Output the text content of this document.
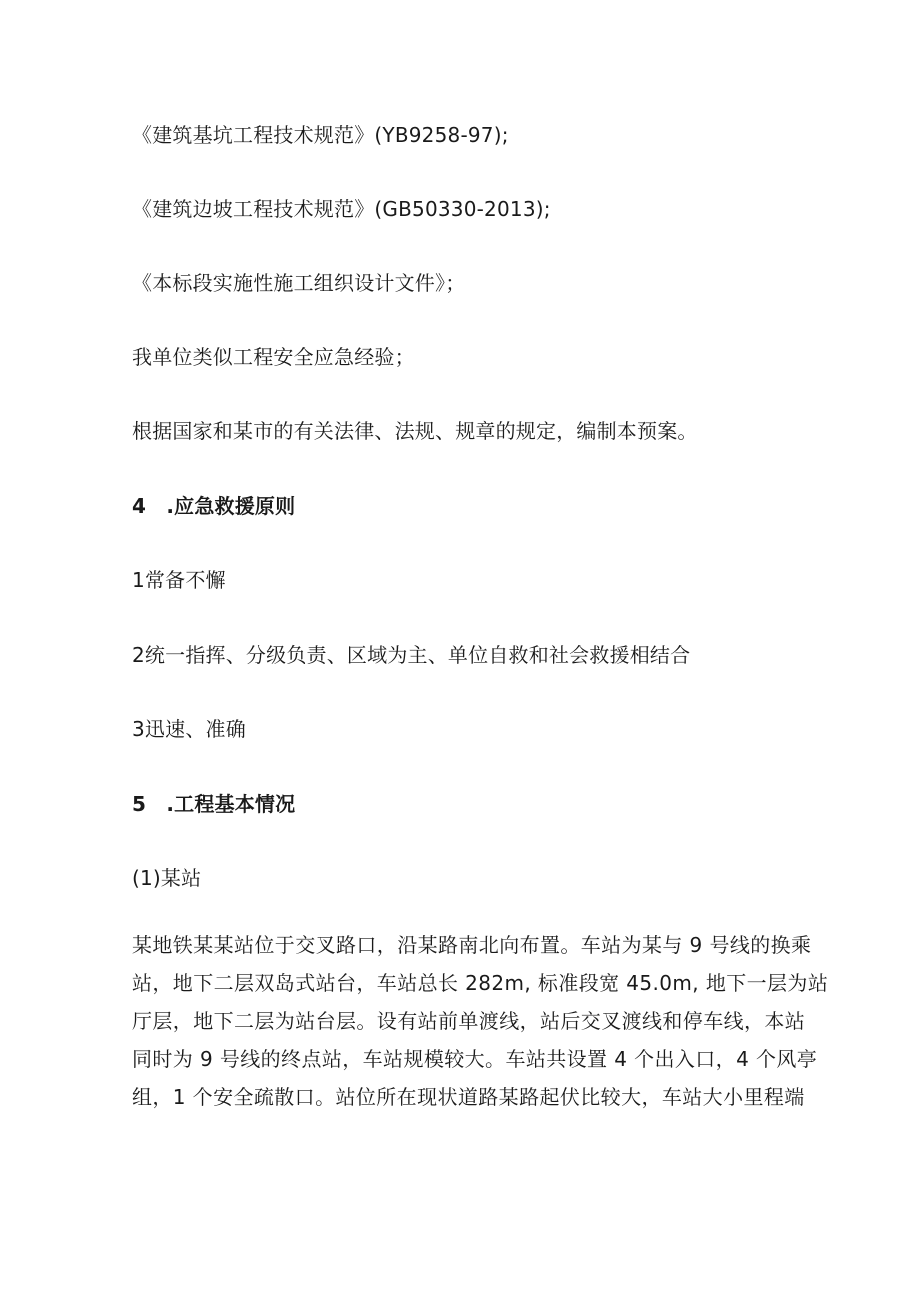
《建筑基坑工程技术规范》(YB9258-97);
《建筑边坡工程技术规范》(GB50330-2013);
《本标段实施性施工组织设计文件》；
我单位类似工程安全应急经验；
根据国家和某市的有关法律、法规、规章的规定，编制本预案。
4　.应急救援原则
1常备不懈
2统一指挥、分级负责、区域为主、单位自救和社会救援相结合
3迅速、准确
5　.工程基本情况
(1)某站
某地铁某某站位于交叉路口，沿某路南北向布置。车站为某与 9 号线的换乘
站，地下二层双岛式站台，车站总长 282m, 标准段宽 45.0m, 地下一层为站
厅层，地下二层为站台层。设有站前单渡线，站后交叉渡线和停车线，本站
同时为 9 号线的终点站，车站规模较大。车站共设置 4 个出入口，4 个风亭
组，1 个安全疏散口。站位所在现状道路某路起伏比较大，车站大小里程端
